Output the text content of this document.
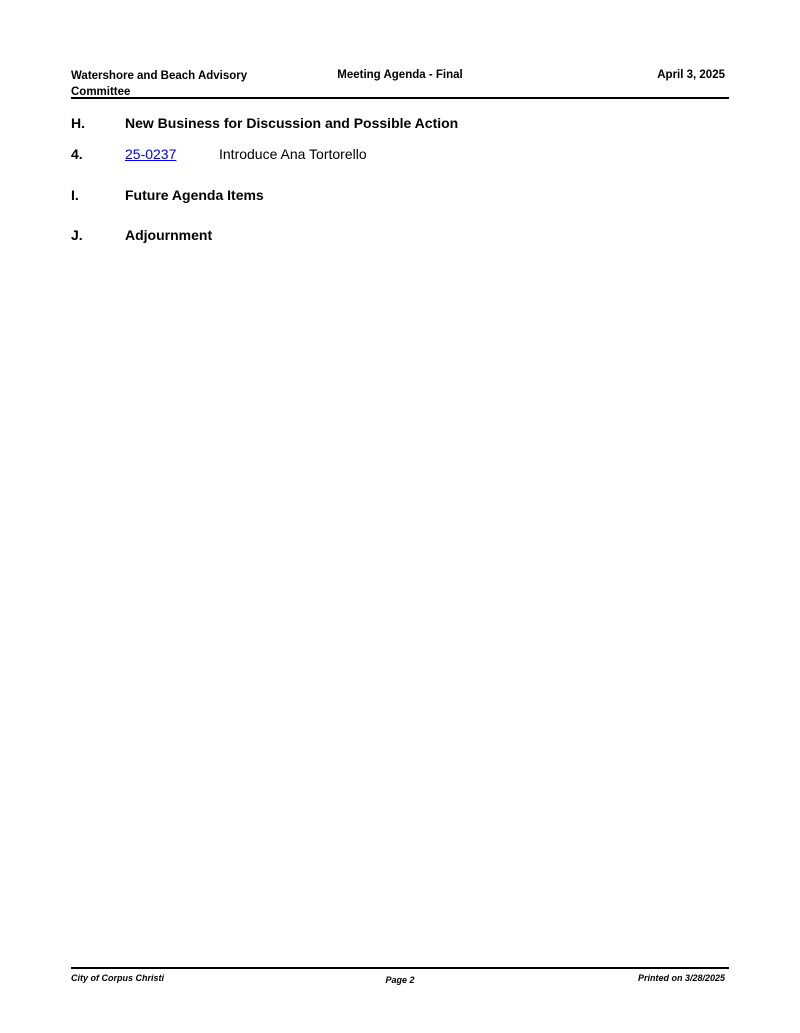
Watershore and Beach Advisory Committee
Meeting Agenda - Final	April 3, 2025
H.	New Business for Discussion and Possible Action
4.	25-0237	Introduce Ana Tortorello
I.	Future Agenda Items
J.	Adjournment
City of Corpus Christi	Page 2	Printed on 3/28/2025
